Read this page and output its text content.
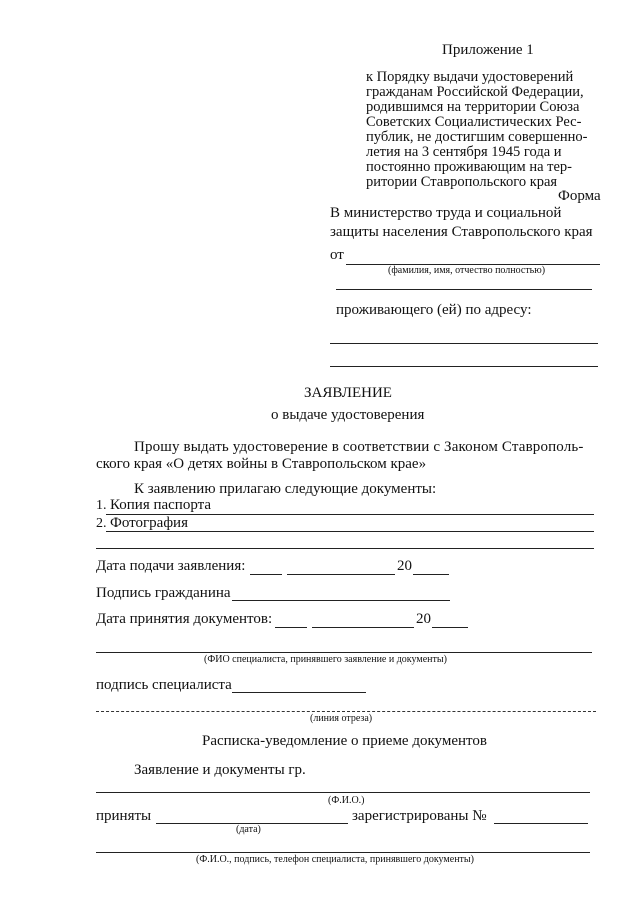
Приложение 1
к Порядку выдачи удостоверений
гражданам Российской Федерации,
родившимся на территории Союза
Советских Социалистических Рес-
публик, не достигшим совершенно-
летия на 3 сентября 1945 года и
постоянно проживающим на тер-
ритории Ставропольского края
Форма
В министерство труда и социальной
защиты населения Ставропольского края
от
(фамилия, имя, отчество полностью)
проживающего (ей) по адресу:
ЗАЯВЛЕНИЕ
о выдаче удостоверения
Прошу выдать удостоверение в соответствии с Законом Ставрополь-
ского края «О детях войны в Ставропольском крае»
К заявлению прилагаю следующие документы:
1. Копия паспорта
2. Фотография
Дата подачи заявления:	20
Подпись гражданина
Дата принятия документов:	20
(ФИО специалиста, принявшего заявление и документы)
подпись специалиста
(линия отреза)
Расписка-уведомление о приеме документов
Заявление и документы гр.
(Ф.И.О.)
приняты
(дата)
зарегистрированы №
(Ф.И.О., подпись, телефон специалиста, принявшего документы)
